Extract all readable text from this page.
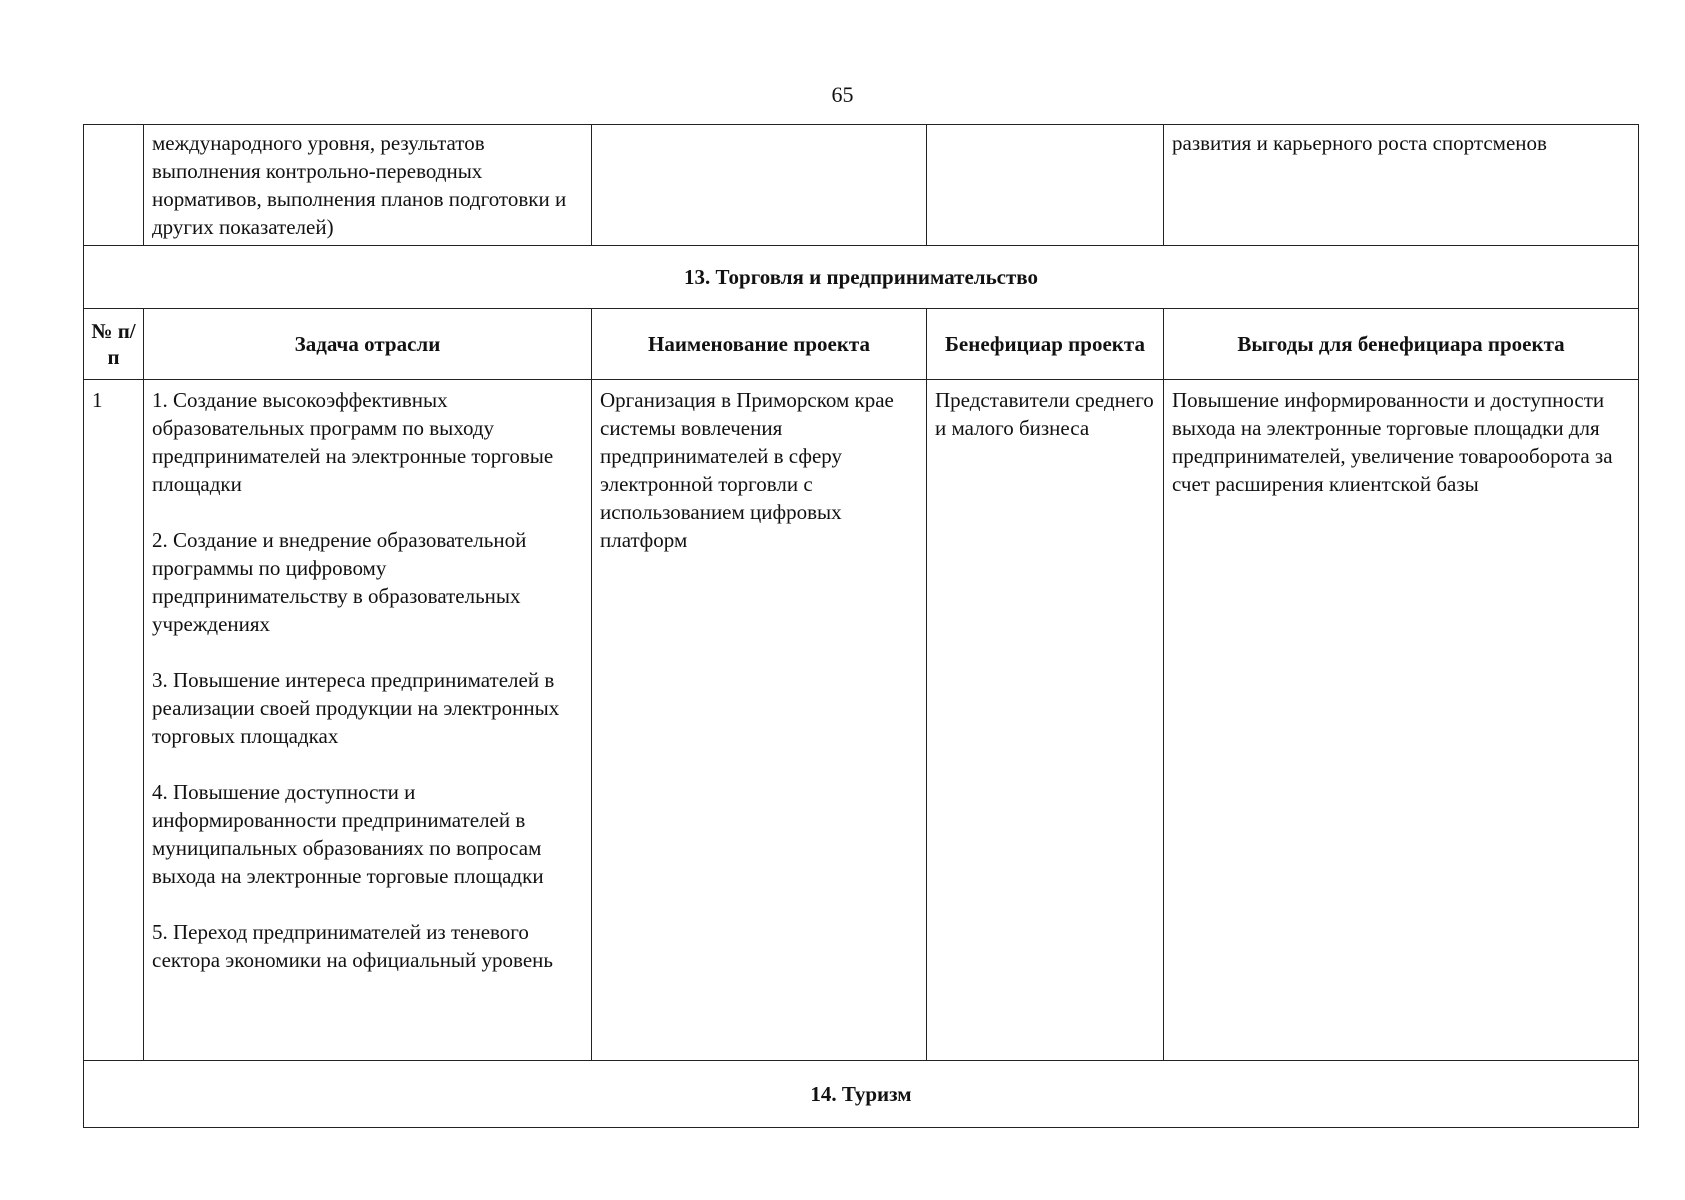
65
	международного уровня, результатов выполнения контрольно-переводных нормативов, выполнения планов подготовки и других показателей)			развития и карьерного роста спортсменов
13. Торговля и предпринимательство				
№ п/п	Задача отрасли	Наименование проекта	Бенефициар проекта	Выгоды для бенефициара проекта
1	1. Создание высокоэффективных образовательных программ по выходу предпринимателей на электронные торговые площадки
2. Создание и внедрение образовательной программы по цифровому предпринимательству в образовательных учреждениях
3. Повышение интереса предпринимателей в реализации своей продукции на электронных торговых площадках
4. Повышение доступности и информированности предпринимателей в муниципальных образованиях по вопросам выхода на электронные торговые площадки
5. Переход предпринимателей из теневого сектора экономики на официальный уровень	Организация в Приморском крае системы вовлечения предпринимателей в сферу электронной торговли с использованием цифровых платформ	Представители среднего и малого бизнеса	Повышение информированности и доступности выхода на электронные торговые площадки для предпринимателей, увеличение товарооборота за счет расширения клиентской базы
14. Туризм				
